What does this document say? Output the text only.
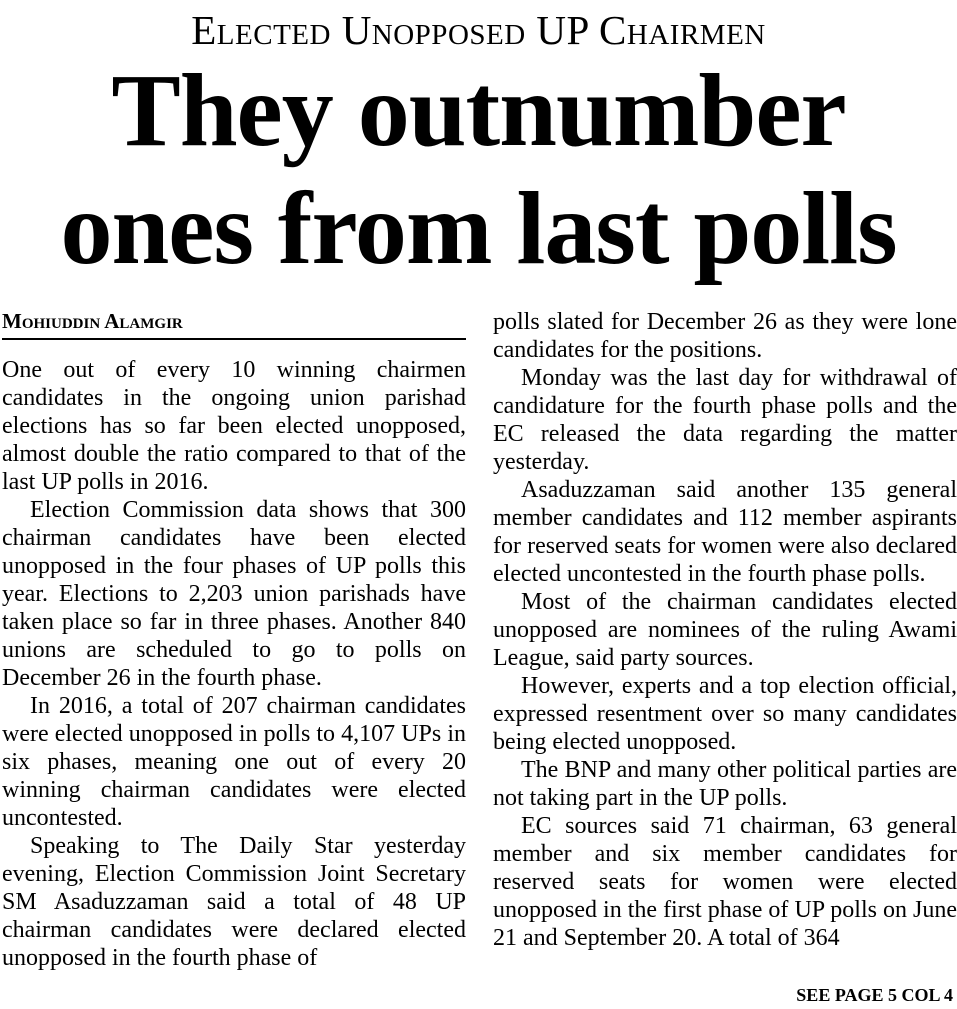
Elected Unopposed UP Chairmen
They outnumber
ones from last polls
Mohiuddin Alamgir

One out of every 10 winning chairmen candidates in the ongoing union parishad elections has so far been elected unopposed, almost double the ratio compared to that of the last UP polls in 2016.

Election Commission data shows that 300 chairman candidates have been elected unopposed in the four phases of UP polls this year. Elections to 2,203 union parishads have taken place so far in three phases. Another 840 unions are scheduled to go to polls on December 26 in the fourth phase.

In 2016, a total of 207 chairman candidates were elected unopposed in polls to 4,107 UPs in six phases, meaning one out of every 20 winning chairman candidates were elected uncontested.

Speaking to The Daily Star yesterday evening, Election Commission Joint Secretary SM Asaduzzaman said a total of 48 UP chairman candidates were declared elected unopposed in the fourth phase of

polls slated for December 26 as they were lone candidates for the positions.

Monday was the last day for withdrawal of candidature for the fourth phase polls and the EC released the data regarding the matter yesterday.

Asaduzzaman said another 135 general member candidates and 112 member aspirants for reserved seats for women were also declared elected uncontested in the fourth phase polls.

Most of the chairman candidates elected unopposed are nominees of the ruling Awami League, said party sources.

However, experts and a top election official, expressed resentment over so many candidates being elected unopposed.

The BNP and many other political parties are not taking part in the UP polls.

EC sources said 71 chairman, 63 general member and six member candidates for reserved seats for women were elected unopposed in the first phase of UP polls on June 21 and September 20. A total of 364

SEE PAGE 5 COL 4
